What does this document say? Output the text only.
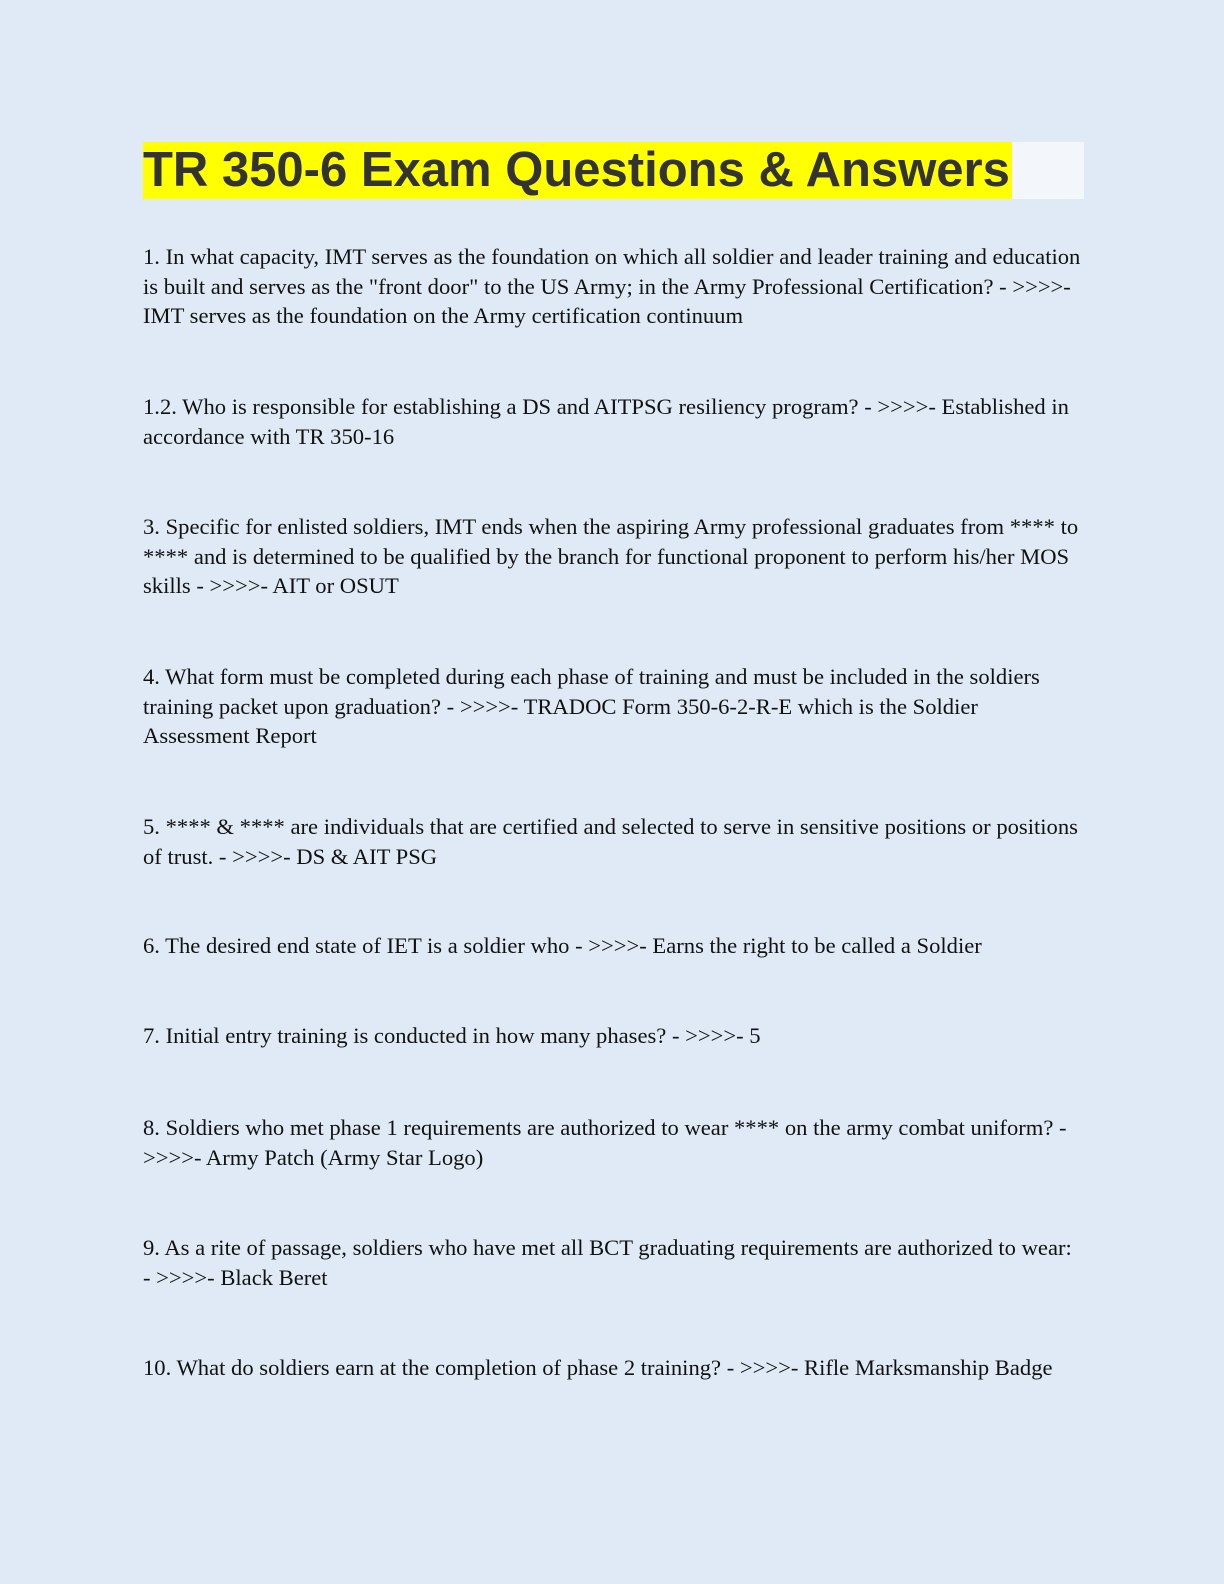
TR 350-6 Exam Questions & Answers

1. In what capacity, IMT serves as the foundation on which all soldier and leader training and education is built and serves as the "front door" to the US Army; in the Army Professional Certification? - >>>>- IMT serves as the foundation on the Army certification continuum

1.2. Who is responsible for establishing a DS and AITPSG resiliency program? - >>>>- Established in accordance with TR 350-16

3. Specific for enlisted soldiers, IMT ends when the aspiring Army professional graduates from **** to **** and is determined to be qualified by the branch for functional proponent to perform his/her MOS skills - >>>>- AIT or OSUT

4. What form must be completed during each phase of training and must be included in the soldiers training packet upon graduation? - >>>>- TRADOC Form 350-6-2-R-E which is the Soldier Assessment Report

5. **** & **** are individuals that are certified and selected to serve in sensitive positions or positions of trust. - >>>>- DS & AIT PSG

6. The desired end state of IET is a soldier who - >>>>- Earns the right to be called a Soldier

7. Initial entry training is conducted in how many phases? - >>>>- 5

8. Soldiers who met phase 1 requirements are authorized to wear **** on the army combat uniform? - >>>>- Army Patch (Army Star Logo)

9. As a rite of passage, soldiers who have met all BCT graduating requirements are authorized to wear: - >>>>- Black Beret

10. What do soldiers earn at the completion of phase 2 training? - >>>>- Rifle Marksmanship Badge
